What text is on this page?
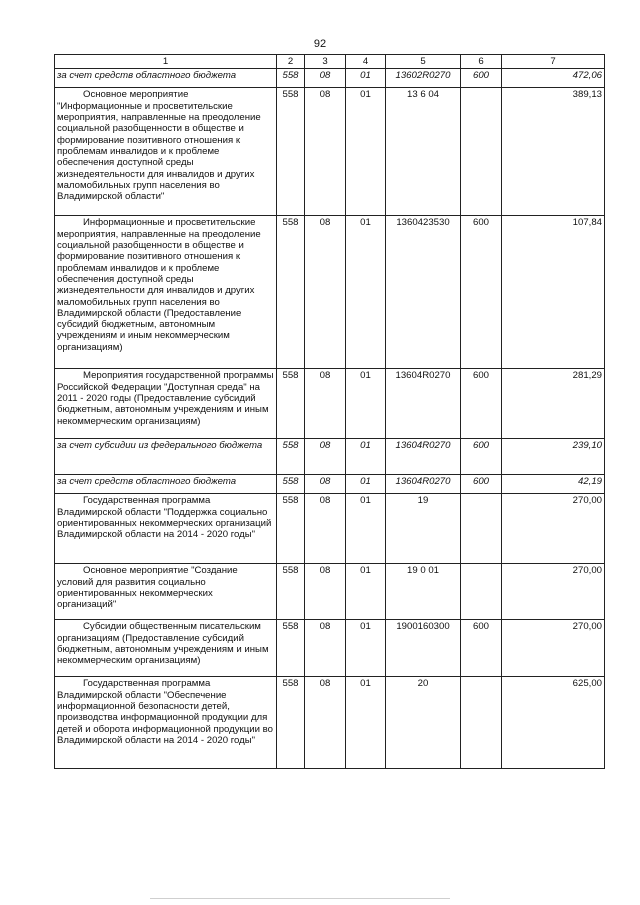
92
1	2	3	4	5	6	7
за счет средств областного бюджета	558	08	01	13602R0270	600	472,06

Основное мероприятие "Информационные и просветительские мероприятия, направленные на преодоление социальной разобщенности в обществе и формирование позитивного отношения к проблемам инвалидов и к проблеме обеспечения доступной среды жизнедеятельности для инвалидов и других маломобильных групп населения во Владимирской области"	558	08	01	13 6 04		389,13

Информационные и просветительские мероприятия, направленные на преодоление социальной разобщенности в обществе и формирование позитивного отношения к проблемам инвалидов и к проблеме обеспечения доступной среды жизнедеятельности для инвалидов и других маломобильных групп населения во Владимирской области (Предоставление субсидий бюджетным, автономным учреждениям и иным некоммерческим организациям)	558	08	01	1360423530	600	107,84

Мероприятия государственной программы Российской Федерации "Доступная среда" на 2011 - 2020 годы (Предоставление субсидий бюджетным, автономным учреждениям и иным некоммерческим организациям)	558	08	01	13604R0270	600	281,29
за счет субсидии из федерального бюджета	558	08	01	13604R0270	600	239,10
за счет средств областного бюджета	558	08	01	13604R0270	600	42,19

Государственная программа Владимирской области "Поддержка социально ориентированных некоммерческих организаций Владимирской области на 2014 - 2020 годы"	558	08	01	19		270,00

Основное мероприятие "Создание условий для развития социально ориентированных некоммерческих организаций"	558	08	01	19 0 01		270,00

Субсидии общественным писательским организациям (Предоставление субсидий бюджетным, автономным учреждениям и иным некоммерческим организациям)	558	08	01	1900160300	600	270,00

Государственная программа Владимирской области "Обеспечение информационной безопасности детей, производства информационной продукции для детей и оборота информационной продукции во Владимирской области на 2014 - 2020 годы"	558	08	01	20		625,00
